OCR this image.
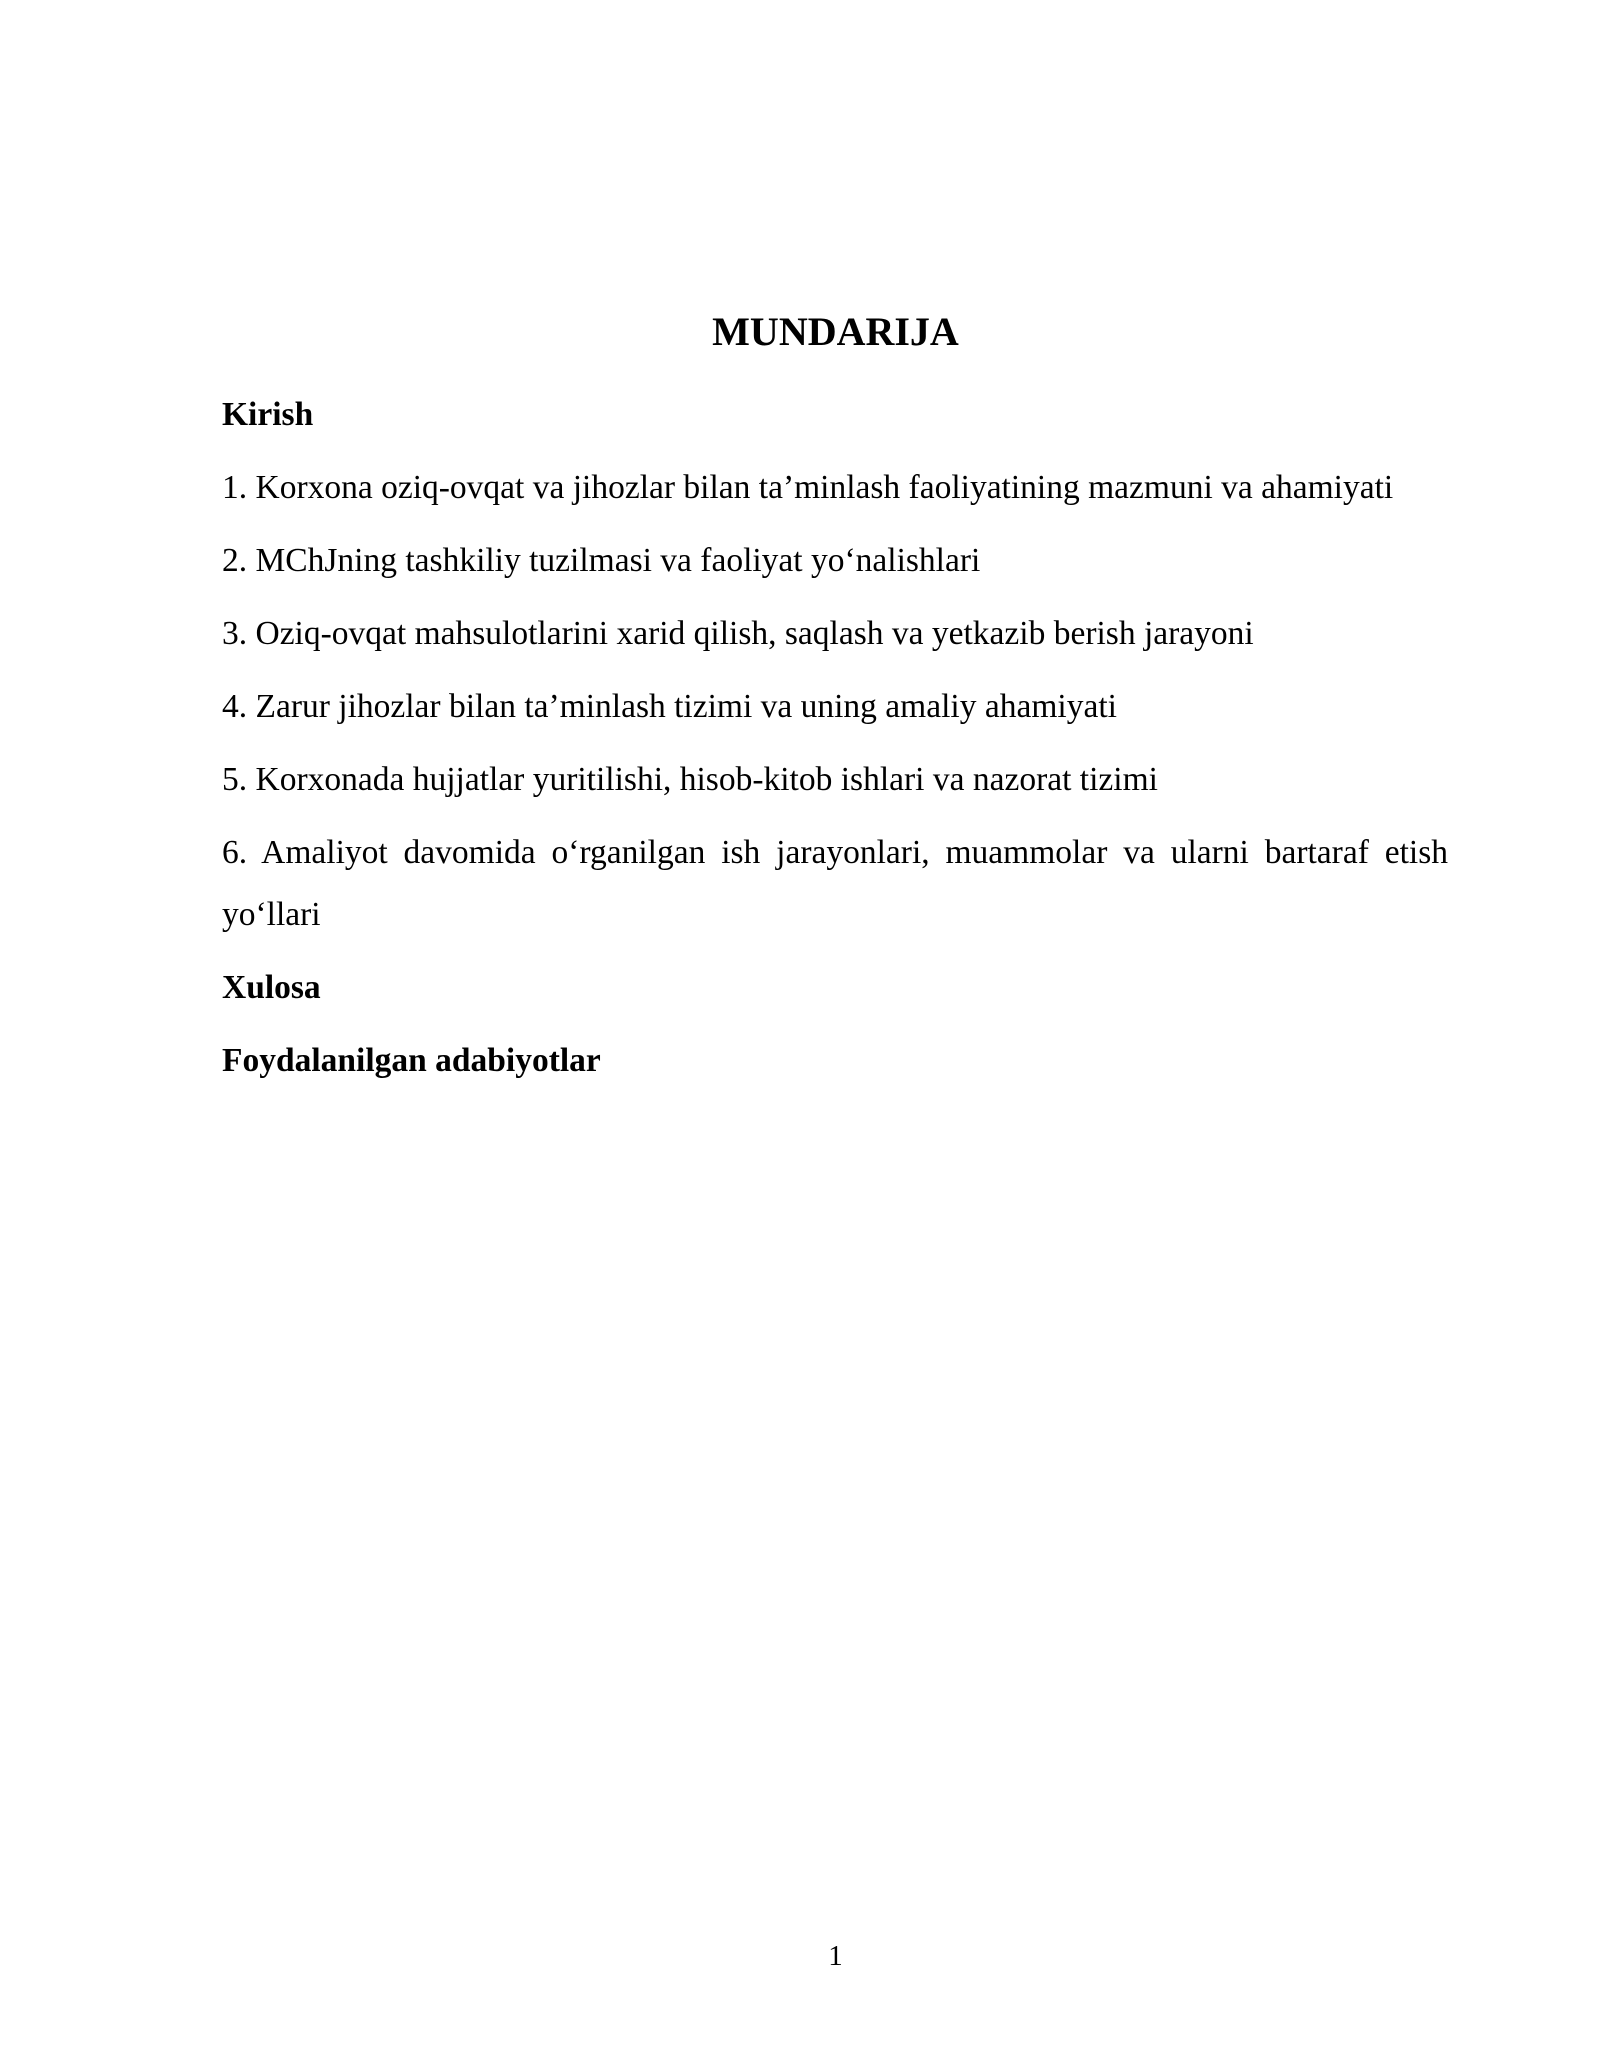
MUNDARIJA
Kirish
1. Korxona oziq-ovqat va jihozlar bilan ta’minlash faoliyatining mazmuni va ahamiyati
2. MChJning tashkiliy tuzilmasi va faoliyat yo‘nalishlari
3. Oziq-ovqat mahsulotlarini xarid qilish, saqlash va yetkazib berish jarayoni
4. Zarur jihozlar bilan ta’minlash tizimi va uning amaliy ahamiyati
5. Korxonada hujjatlar yuritilishi, hisob-kitob ishlari va nazorat tizimi
6. Amaliyot davomida o‘rganilgan ish jarayonlari, muammolar va ularni bartaraf etish yo‘llari
Xulosa
Foydalanilgan adabiyotlar
1
